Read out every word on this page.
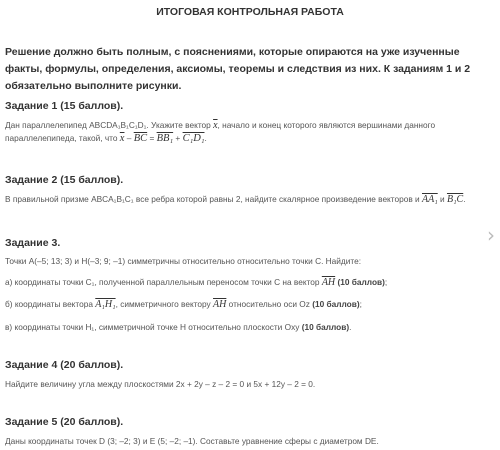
ИТОГОВАЯ КОНТРОЛЬНАЯ РАБОТА
Решение должно быть полным, с пояснениями, которые опираются на уже изученные факты, формулы, определения, аксиомы, теоремы и следствия из них. К заданиям 1 и 2 обязательно выполните рисунки.
Задание 1 (15 баллов).
Дан параллелепипед ABCDA₁B₁C₁D₁. Укажите вектор $\overline{x}$, начало и конец которого являются вершинами данного параллелепипеда, такой, что $\overline{x} - \overline{BC} = BB_1 + C_1D_1$.
Задание 2 (15 баллов).
В правильной призме ABCA₁B₁C₁ все ребра которой равны 2, найдите скалярное произведение векторов и AA₁ и B₁C.
Задание 3.
Точки A(–5; 13; 3) и H(–3; 9; –1) симметричны относительно относительно точки C. Найдите:
а) координаты точки C₁, полученной параллельным переносом точки C на вектор $\overline{AH}$ (10 баллов);
б) координаты вектора A₁H₁, симметричного вектору $\overline{AH}$ относительно оси Oz (10 баллов);
в) координаты точки H₁, симметричной точке H относительно плоскости Oxy (10 баллов).
Задание 4 (20 баллов).
Найдите величину угла между плоскостями 2x + 2y – z – 2 = 0 и 5x + 12y – 2 = 0.
Задание 5 (20 баллов).
Даны координаты точек D (3; –2; 3) и E (5; –2; –1). Составьте уравнение сферы с диаметром DE.
›
